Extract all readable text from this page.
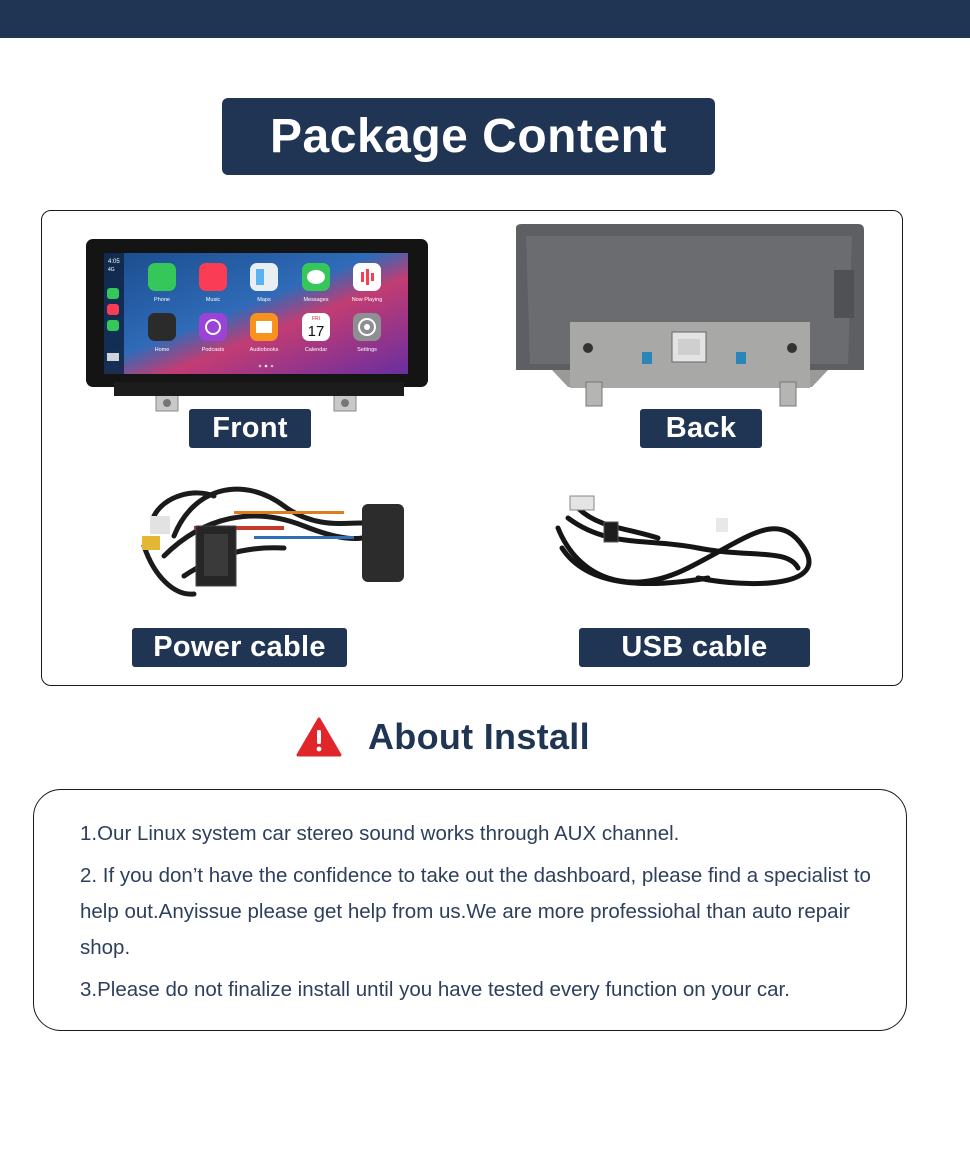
Package Content
4:05
4G
Phone	Music	Maps	Messages	Now Playing
Home	Podcasts	Audiobooks
FRI
17
Calendar	Settings
Front	Back
Power cable	USB cable
About Install

1.Our Linux system car stereo sound works through AUX channel.

2. If you don’t have the confidence to take out the dashboard, please find a specialist to help out.Anyissue please get help from us.We are more professiohal than auto repair shop.

3.Please do not finalize install until you have tested every function on your car.
